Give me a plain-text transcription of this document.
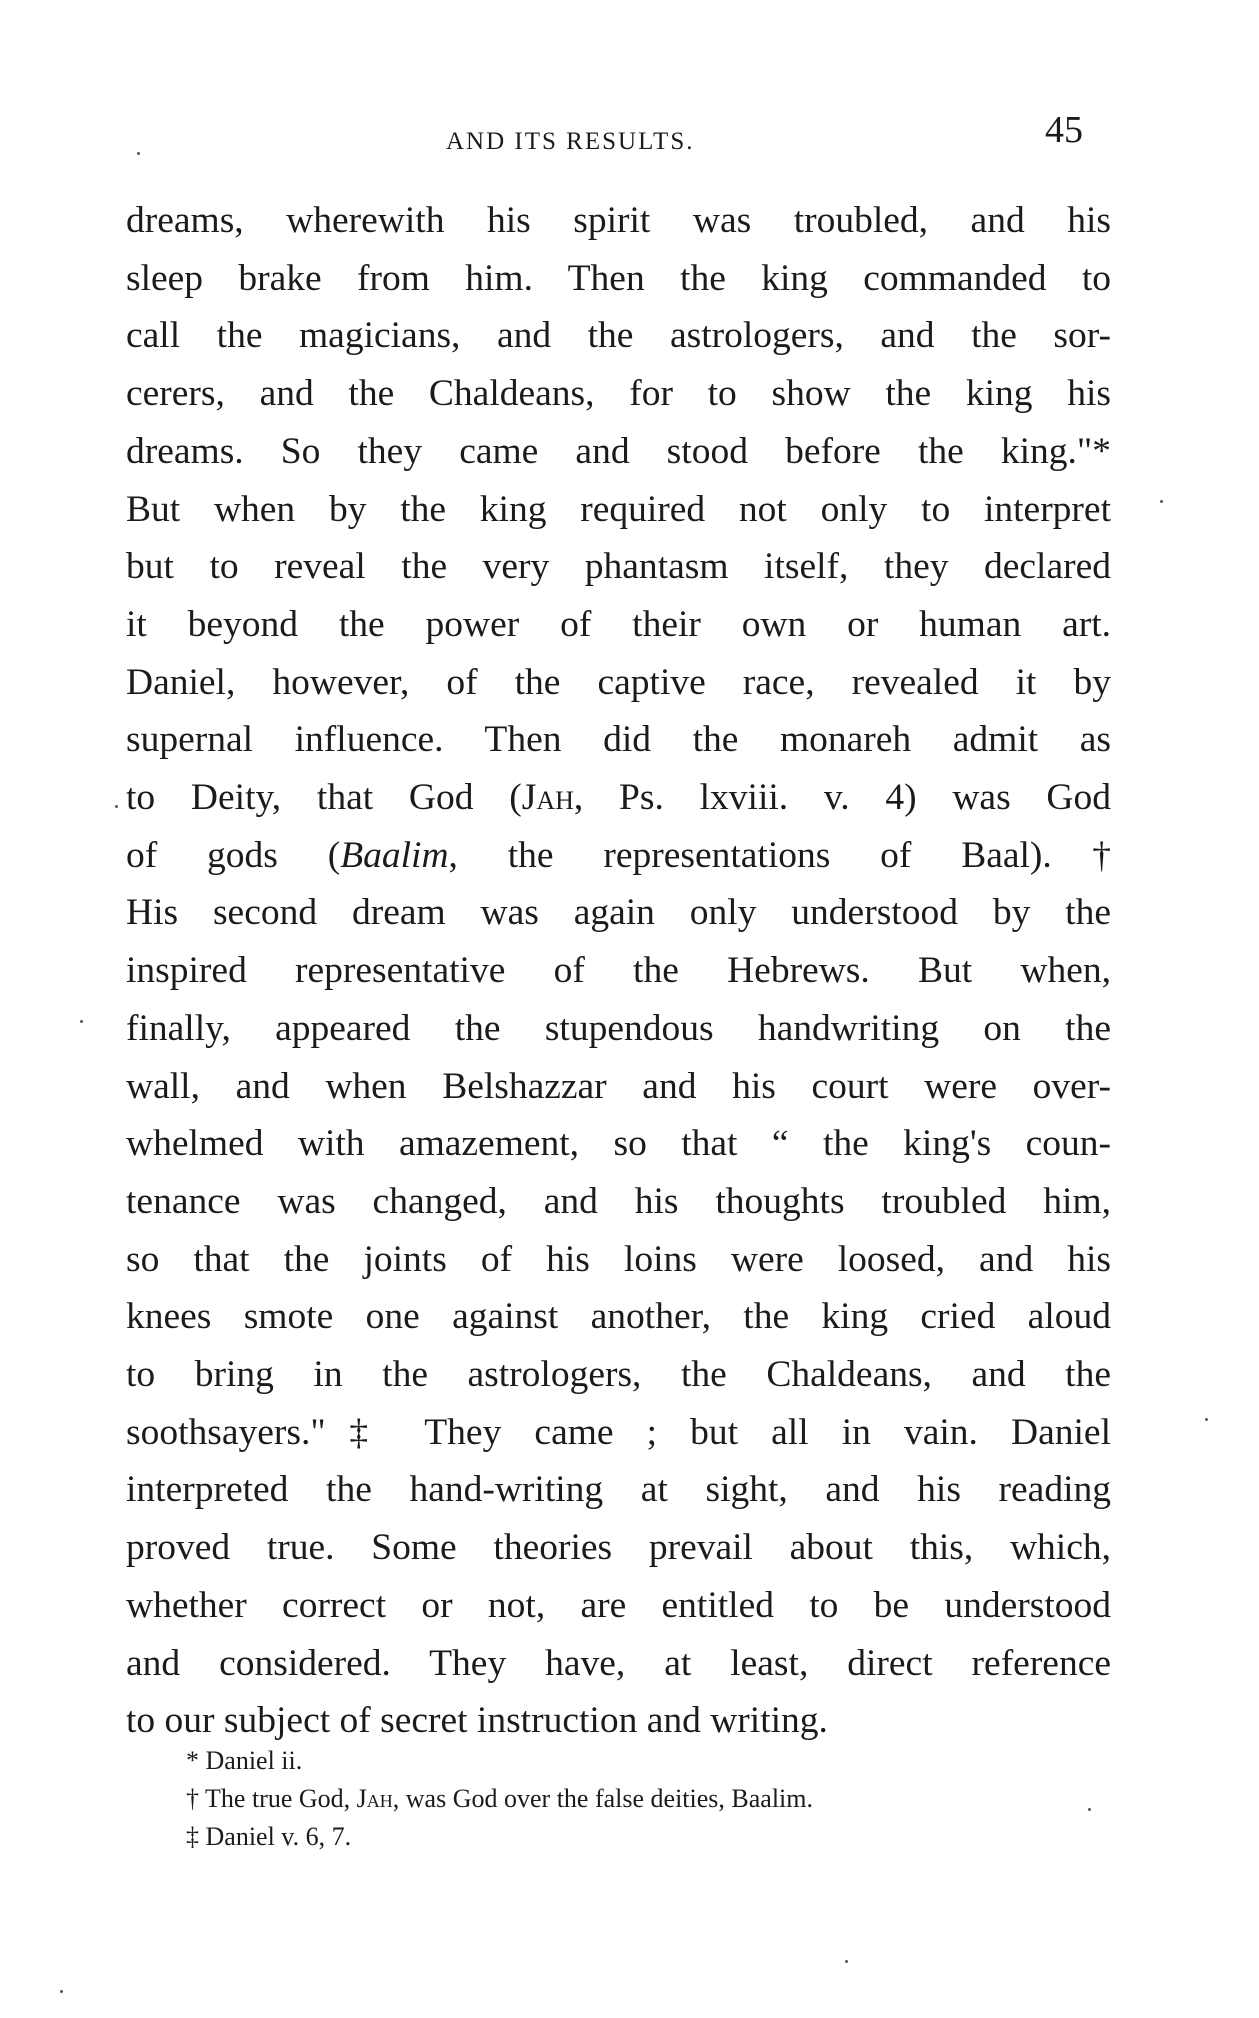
AND ITS RESULTS.	45
dreams, wherewith his spirit was troubled, and his
sleep brake from him. Then the king commanded to
call the magicians, and the astrologers, and the sor-
cerers, and the Chaldeans, for to show the king his
dreams. So they came and stood before the king."*
But when by the king required not only to interpret
but to reveal the very phantasm itself, they declared
it beyond the power of their own or human art.
Daniel, however, of the captive race, revealed it by
supernal influence. Then did the monareh admit as
to Deity, that God (Jah, Ps. lxviii. v. 4) was God
of gods (Baalim, the representations of Baal).†
His second dream was again only understood by the
inspired representative of the Hebrews. But when,
finally, appeared the stupendous handwriting on the
wall, and when Belshazzar and his court were over-
whelmed with amazement, so that “ the king's coun-
tenance was changed, and his thoughts troubled him,
so that the joints of his loins were loosed, and his
knees smote one against another, the king cried aloud
to bring in the astrologers, the Chaldeans, and the
soothsayers."‡ They came ; but all in vain. Daniel
interpreted the hand-writing at sight, and his reading
proved true. Some theories prevail about this, which,
whether correct or not, are entitled to be understood
and considered. They have, at least, direct reference
to our subject of secret instruction and writing.
* Daniel ii.
† The true God, Jah, was God over the false deities, Baalim.
‡ Daniel v. 6, 7.
